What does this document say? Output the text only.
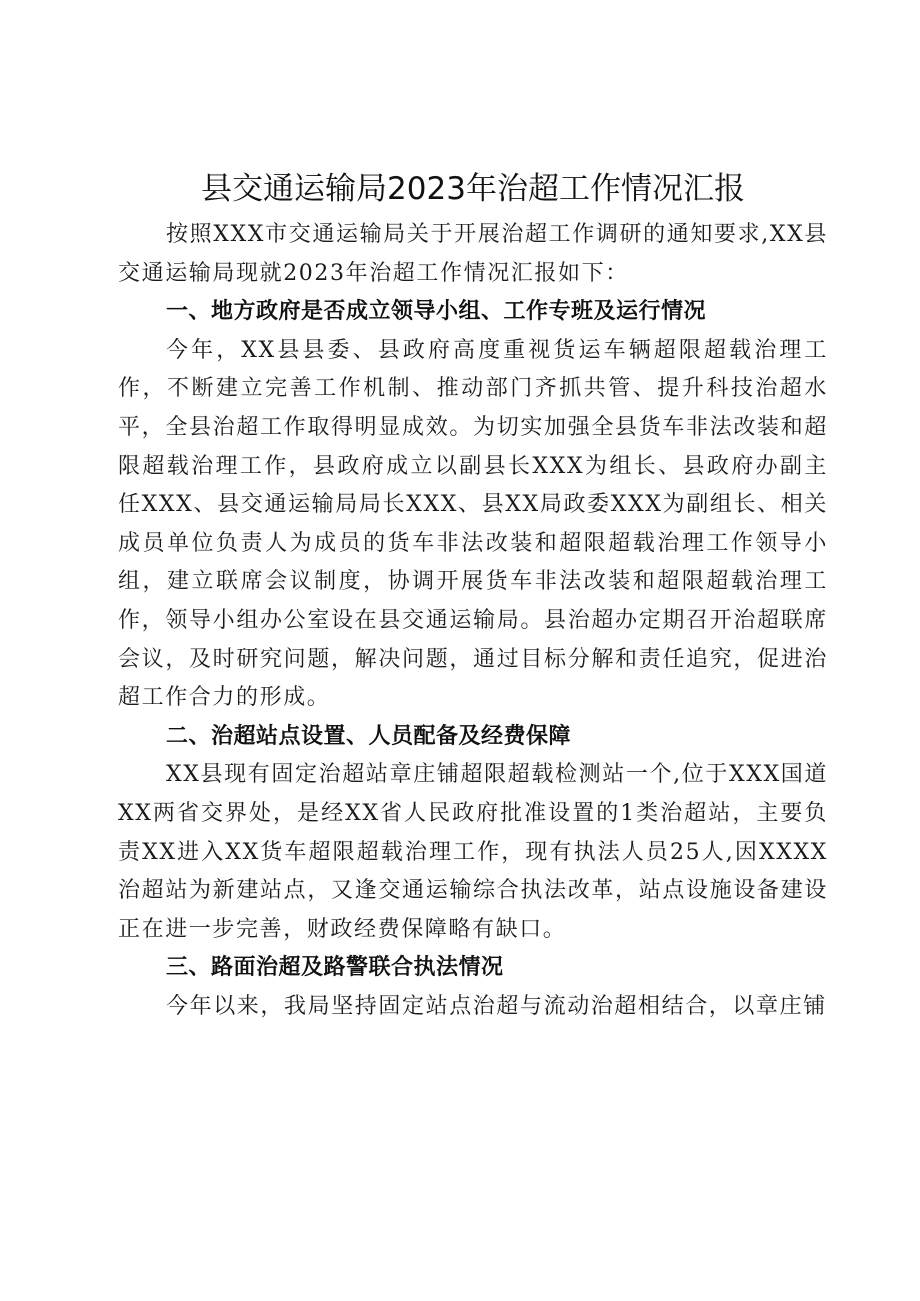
县交通运输局2023年治超工作情况汇报

按照XXX市交通运输局关于开展治超工作调研的通知要求,XX县交通运输局现就2023年治超工作情况汇报如下：

一、地方政府是否成立领导小组、工作专班及运行情况

今年，XX县县委、县政府高度重视货运车辆超限超载治理工作，不断建立完善工作机制、推动部门齐抓共管、提升科技治超水平，全县治超工作取得明显成效。为切实加强全县货车非法改装和超限超载治理工作，县政府成立以副县长XXX为组长、县政府办副主任XXX、县交通运输局局长XXX、县XX局政委XXX为副组长、相关成员单位负责人为成员的货车非法改装和超限超载治理工作领导小组，建立联席会议制度，协调开展货车非法改装和超限超载治理工作，领导小组办公室设在县交通运输局。县治超办定期召开治超联席会议，及时研究问题，解决问题，通过目标分解和责任追究，促进治超工作合力的形成。

二、治超站点设置、人员配备及经费保障

XX县现有固定治超站章庄铺超限超载检测站一个,位于XXX国道XX两省交界处，是经XX省人民政府批准设置的1类治超站，主要负责XX进入XX货车超限超载治理工作，现有执法人员25人,因XXXX治超站为新建站点，又逢交通运输综合执法改革，站点设施设备建设正在进一步完善，财政经费保障略有缺口。

三、路面治超及路警联合执法情况

今年以来，我局坚持固定站点治超与流动治超相结合，以章庄铺
